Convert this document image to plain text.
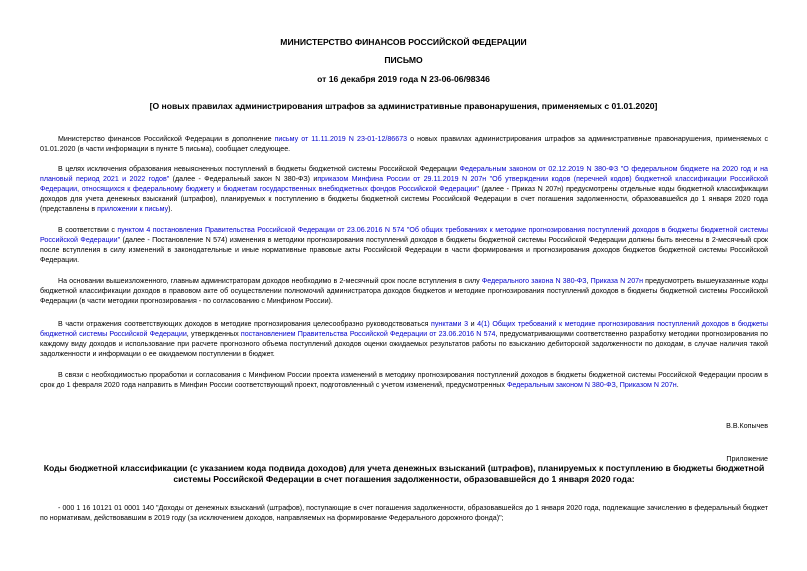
МИНИСТЕРСТВО ФИНАНСОВ РОССИЙСКОЙ ФЕДЕРАЦИИ
ПИСЬМО
от 16 декабря 2019 года N 23-06-06/98346
[О новых правилах администрирования штрафов за административные правонарушения, применяемых с 01.01.2020]

Министерство финансов Российской Федерации в дополнение письму от 11.11.2019 N 23-01-12/86673 о новых правилах администрирования штрафов за административные правонарушения, применяемых с 01.01.2020 (в части информации в пункте 5 письма), сообщает следующее.

В целях исключения образования невыясненных поступлений в бюджеты бюджетной системы Российской Федерации Федеральным законом от 02.12.2019 N 380-ФЗ "О федеральном бюджете на 2020 год и на плановый период 2021 и 2022 годов" (далее - Федеральный закон N 380-ФЗ) иприказом Минфина России от 29.11.2019 N 207н "Об утверждении кодов (перечней кодов) бюджетной классификации Российской Федерации, относящихся к федеральному бюджету и бюджетам государственных внебюджетных фондов Российской Федерации" (далее - Приказ N 207н) предусмотрены отдельные коды бюджетной классификации доходов для учета денежных взысканий (штрафов), планируемых к поступлению в бюджеты бюджетной системы Российской Федерации в счет погашения задолженности, образовавшейся до 1 января 2020 года (представлены в приложении к письму).

В соответствии с пунктом 4 постановления Правительства Российской Федерации от 23.06.2016 N 574 "Об общих требованиях к методике прогнозирования поступлений доходов в бюджеты бюджетной системы Российской Федерации" (далее - Постановление N 574) изменения в методики прогнозирования поступлений доходов в бюджеты бюджетной системы Российской Федерации должны быть внесены в 2-месячный срок после вступления в силу изменений в законодательные и иные нормативные правовые акты Российской Федерации в части формирования и прогнозирования доходов бюджетов бюджетной системы Российской Федерации.

На основании вышеизложенного, главным администраторам доходов необходимо в 2-месячный срок после вступления в силу Федерального закона N 380-ФЗ, Приказа N 207н предусмотреть вышеуказанные коды бюджетной классификации доходов в правовом акте об осуществлении полномочий администратора доходов бюджетов и методике прогнозирования поступлений доходов в бюджеты бюджетной системы Российской Федерации (в части методики прогнозирования - по согласованию с Минфином России).

В части отражения соответствующих доходов в методике прогнозирования целесообразно руководствоваться пунктами 3 и 4(1) Общих требований к методике прогнозирования поступлений доходов в бюджеты бюджетной системы Российской Федерации, утвержденных постановлением Правительства Российской Федерации от 23.06.2016 N 574, предусматривающими соответственно разработку методики прогнозирования по каждому виду доходов и использование при расчете прогнозного объема поступлений доходов оценки ожидаемых результатов работы по взысканию дебиторской задолженности по доходам, в случае наличия такой задолженности и информации о ее ожидаемом поступлении в бюджет.

В связи с необходимостью проработки и согласования с Минфином России проекта изменений в методику прогнозирования поступлений доходов в бюджеты бюджетной системы Российской Федерации просим в срок до 1 февраля 2020 года направить в Минфин России соответствующий проект, подготовленный с учетом изменений, предусмотренных Федеральным законом N 380-ФЗ, Приказом N 207н.

В.В.Копычев
Приложение
Коды бюджетной классификации (с указанием кода подвида доходов) для учета денежных взысканий (штрафов), планируемых к поступлению в бюджеты бюджетной системы Российской Федерации в счет погашения задолженности, образовавшейся до 1 января 2020 года:

- 000 1 16 10121 01 0001 140 "Доходы от денежных взысканий (штрафов), поступающие в счет погашения задолженности, образовавшейся до 1 января 2020 года, подлежащие зачислению в федеральный бюджет по нормативам, действовавшим в 2019 году (за исключением доходов, направляемых на формирование Федерального дорожного фонда)";
